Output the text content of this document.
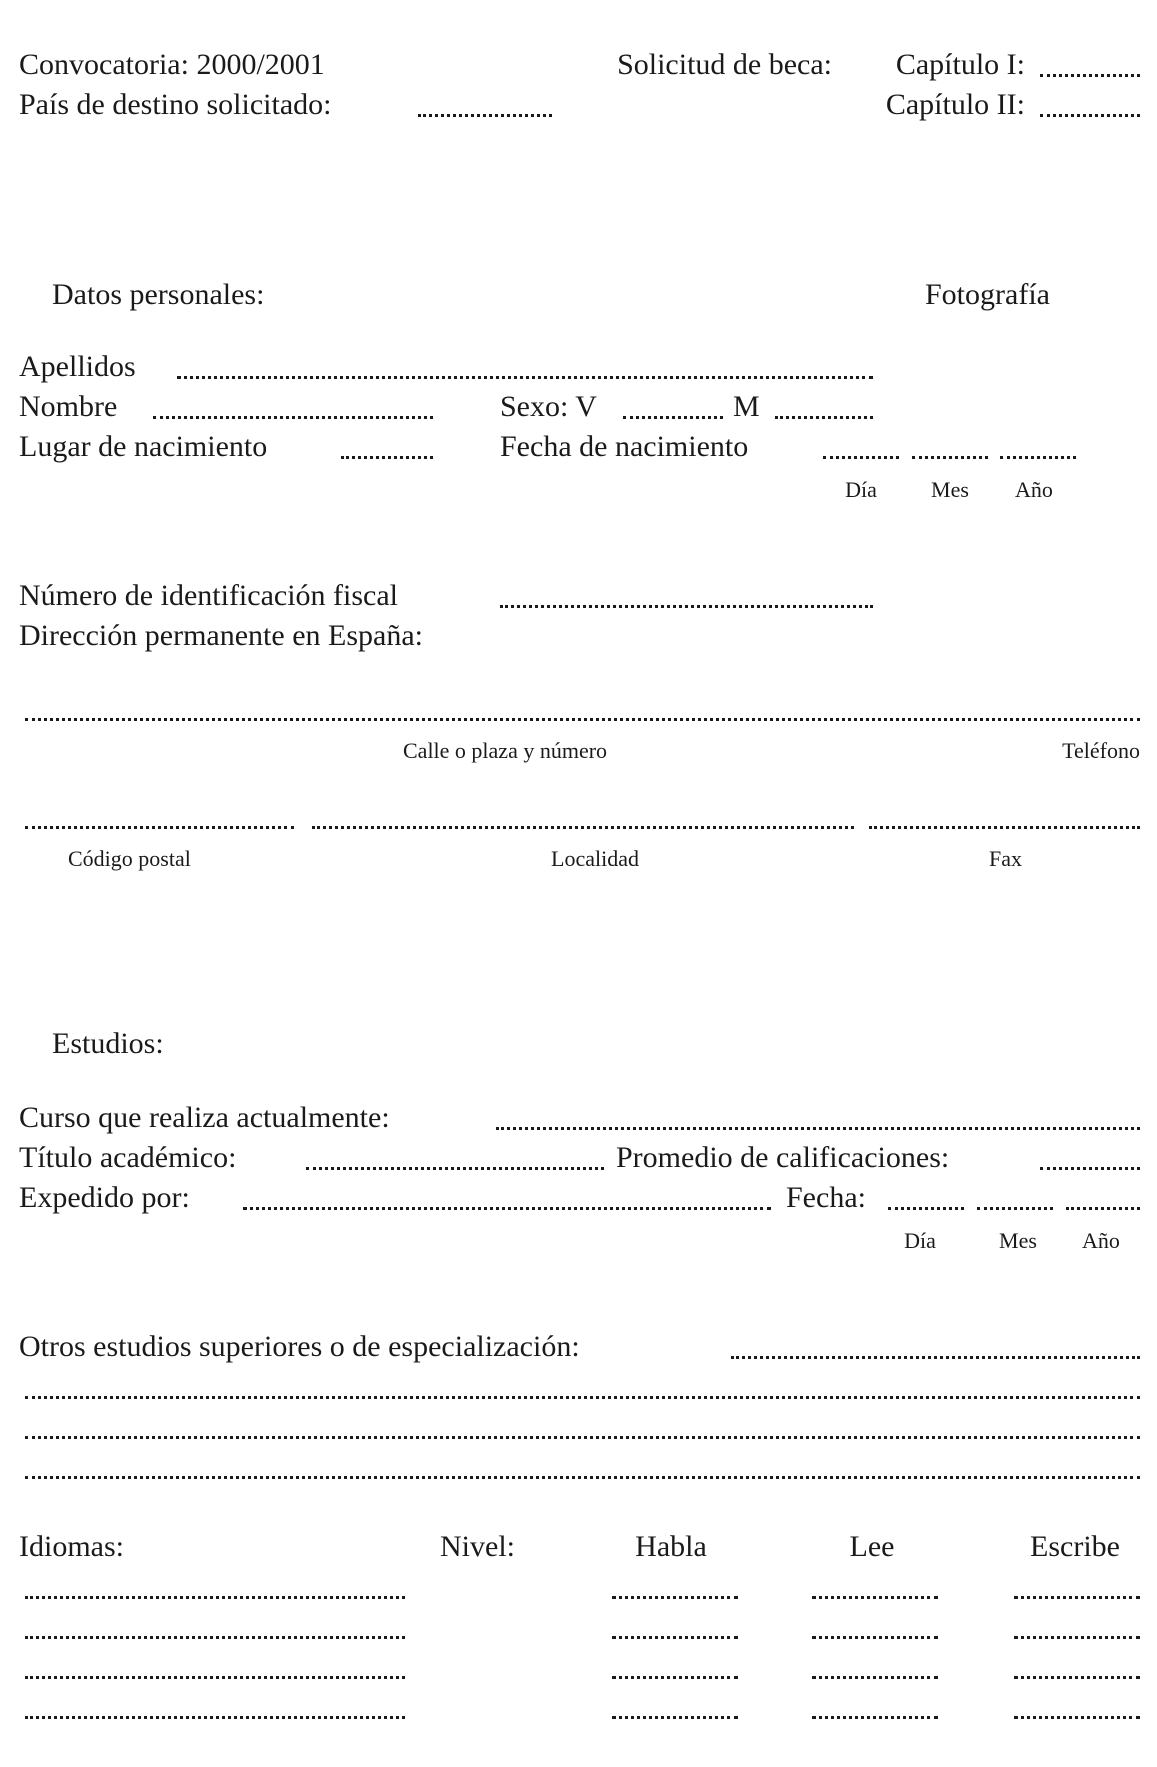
Convocatoria: 2000/2001	Solicitud de beca:	Capítulo I:
País de destino solicitado:	Capítulo II:
Datos personales:	Fotografía
Apellidos
Nombre	Sexo: V	M
Lugar de nacimiento	Fecha de nacimiento
Día	Mes	Año
Número de identificación fiscal
Dirección permanente en España:
Calle o plaza y número	Teléfono
Código postal	Localidad	Fax
Estudios:
Curso que realiza actualmente:
Título académico:	Promedio de calificaciones:
Expedido por:	Fecha:
Día	Mes	Año
Otros estudios superiores o de especialización:
Idiomas:	Nivel:	Habla	Lee	Escribe
